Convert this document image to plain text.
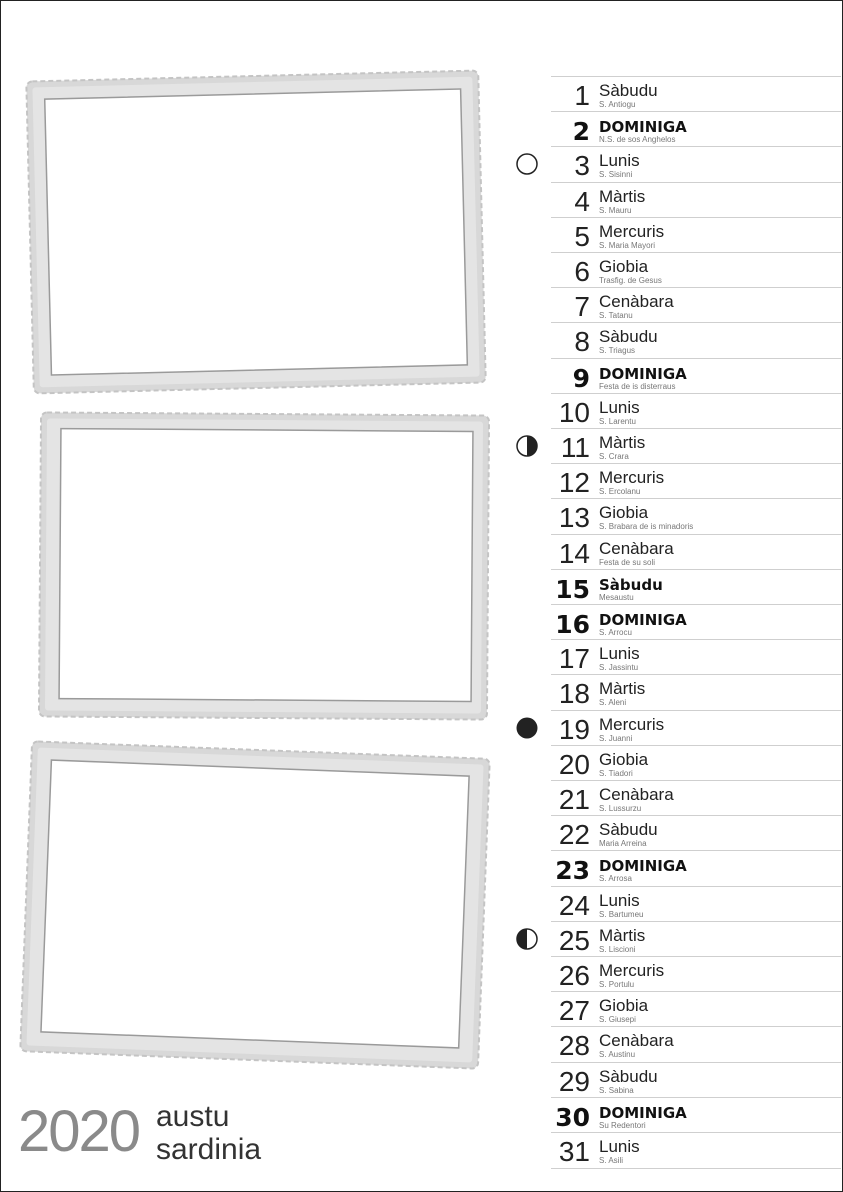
1 Sàbudu
S. Antiogu
2 DOMINIGA
N.S. de sos Anghelos
3 Lunis
S. Sisinni
4 Màrtis
S. Mauru
5 Mercuris
S. Maria Mayori
6 Giobia
Trasfig. de Gesus
7 Cenàbara
S. Tatanu
8 Sàbudu
S. Triagus
9 DOMINIGA
Festa de is disterraus
10 Lunis
S. Larentu
11 Màrtis
S. Crara
12 Mercuris
S. Ercolanu
13 Giobia
S. Brabara de is minadoris
14 Cenàbara
Festa de su soli
15 Sàbudu
Mesaustu
16 DOMINIGA
S. Arrocu
17 Lunis
S. Jassintu
18 Màrtis
S. Aleni
19 Mercuris
S. Juanni
20 Giobia
S. Tiadori
21 Cenàbara
S. Lussurzu
22 Sàbudu
Maria Arreina
23 DOMINIGA
S. Arrosa
24 Lunis
S. Bartumeu
25 Màrtis
S. Liscioni
26 Mercuris
S. Portulu
27 Giobia
S. Giusepi
28 Cenàbara
S. Austinu
29 Sàbudu
S. Sabina
30 DOMINIGA
Su Redentori
31 Lunis
S. Asili
2020 austu
sardinia
